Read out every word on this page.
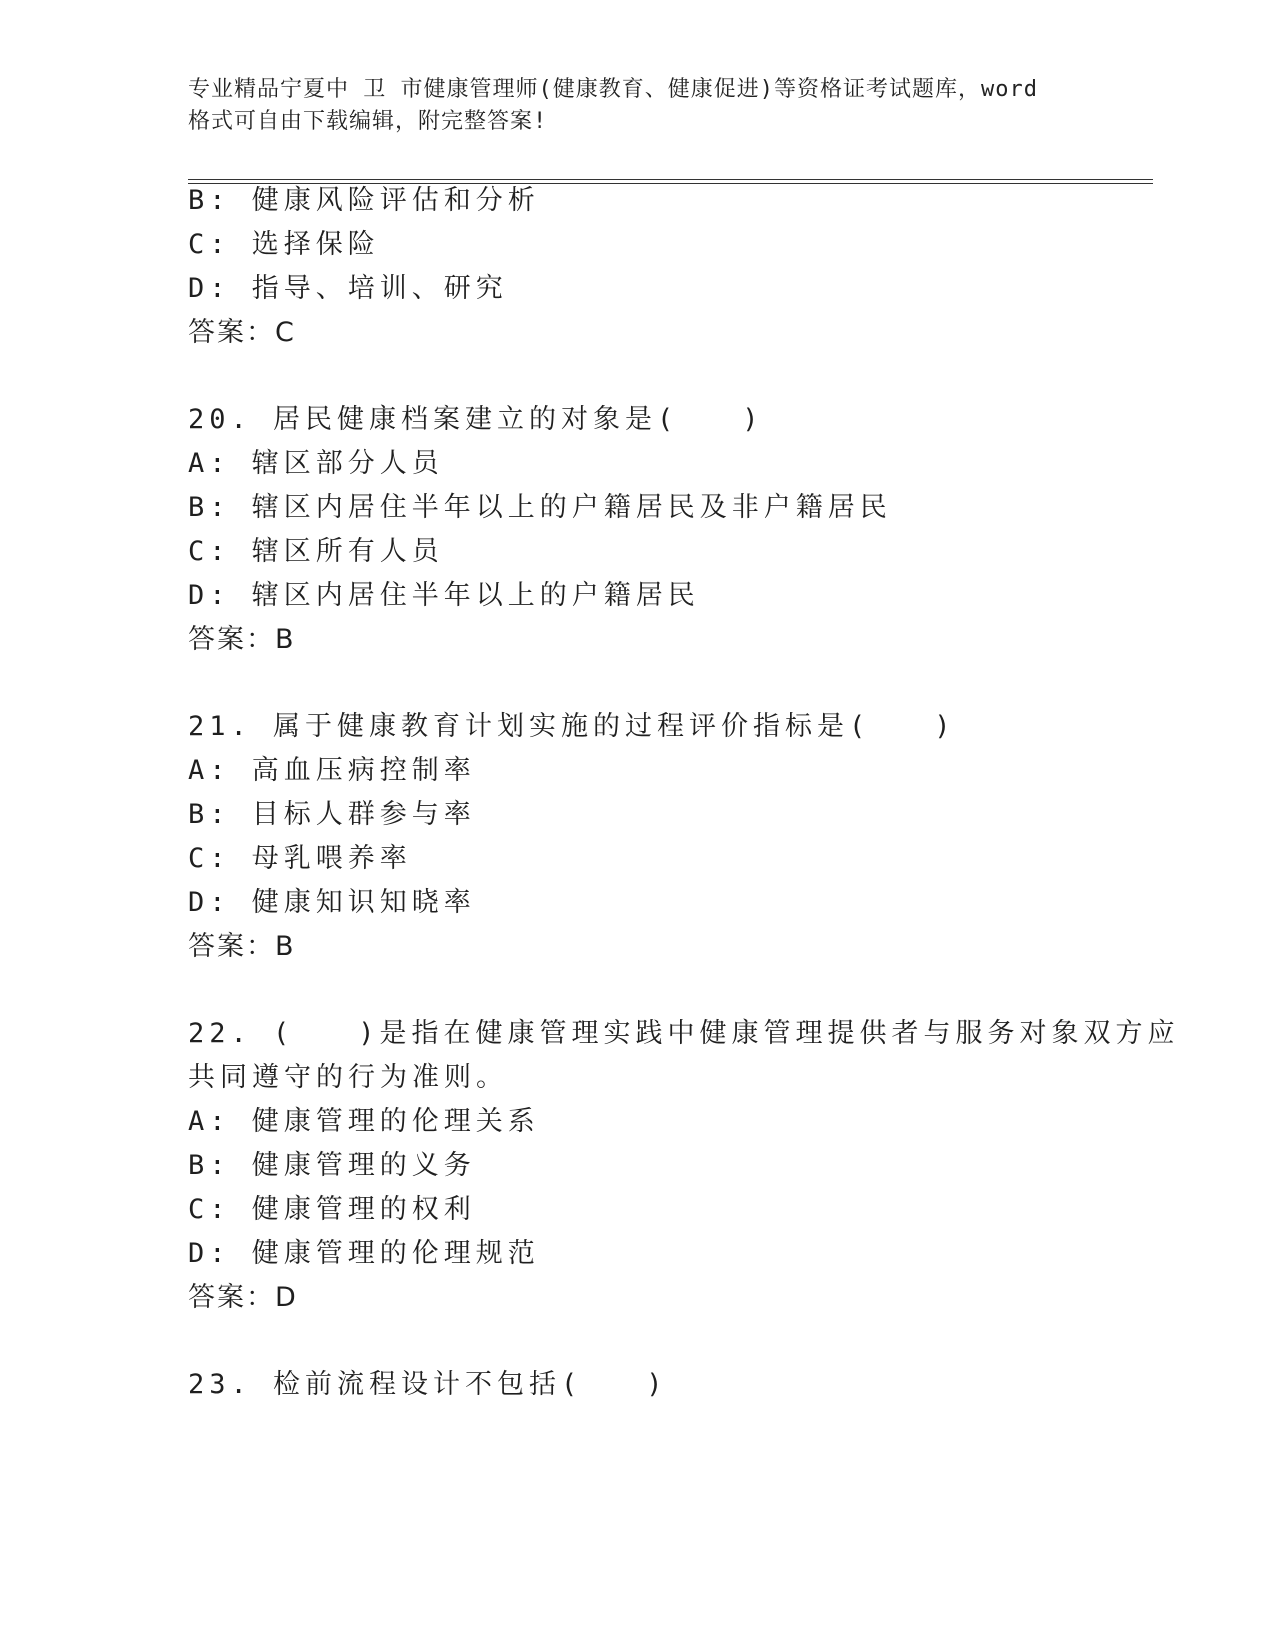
专业精品宁夏中 卫 市健康管理师(健康教育、健康促进)等资格证考试题库，word
格式可自由下载编辑，附完整答案!
B: 健康风险评估和分析
C: 选择保险
D: 指导、培训、研究
答案：C
20. 居民健康档案建立的对象是(　　)
A: 辖区部分人员
B: 辖区内居住半年以上的户籍居民及非户籍居民
C: 辖区所有人员
D: 辖区内居住半年以上的户籍居民
答案：B
21. 属于健康教育计划实施的过程评价指标是(　　)
A: 高血压病控制率
B: 目标人群参与率
C: 母乳喂养率
D: 健康知识知晓率
答案：B
22. (　　)是指在健康管理实践中健康管理提供者与服务对象双方应
共同遵守的行为准则。
A: 健康管理的伦理关系
B: 健康管理的义务
C: 健康管理的权利
D: 健康管理的伦理规范
答案：D
23. 检前流程设计不包括(　　)
